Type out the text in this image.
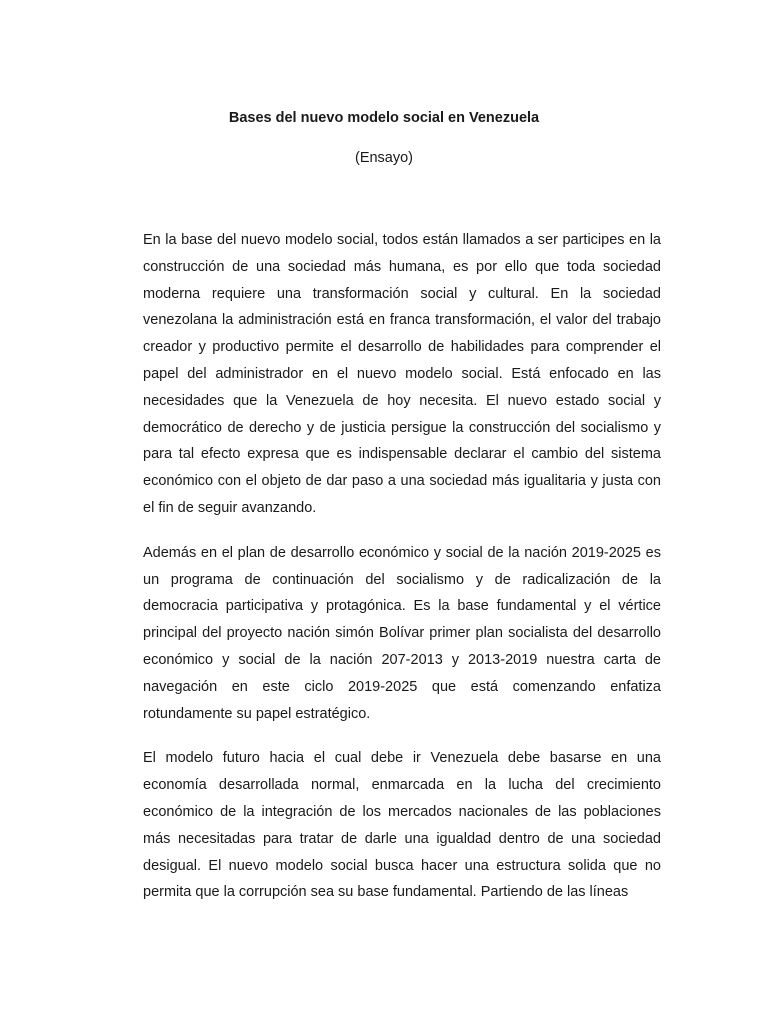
Bases del nuevo modelo social en Venezuela

(Ensayo)

En la base del nuevo modelo social, todos están llamados a ser participes en la construcción de una sociedad más humana, es por ello que toda sociedad moderna requiere una transformación social y cultural. En la sociedad venezolana la administración está en franca transformación, el valor del trabajo creador y productivo permite el desarrollo de habilidades para comprender el papel del administrador en el nuevo modelo social. Está enfocado en las necesidades que la Venezuela de hoy necesita. El nuevo estado social y democrático de derecho y de justicia persigue la construcción del socialismo y para tal efecto expresa que es indispensable declarar el cambio del sistema económico con el objeto de dar paso a una sociedad más igualitaria y justa con el fin de seguir avanzando.

Además en el plan de desarrollo económico y social de la nación 2019-2025 es un programa de continuación del socialismo y de radicalización de la democracia participativa y protagónica. Es la base fundamental y el vértice principal del proyecto nación simón Bolívar primer plan socialista del desarrollo económico y social de la nación 207-2013 y 2013-2019 nuestra carta de navegación en este ciclo 2019-2025 que está comenzando enfatiza rotundamente su papel estratégico.

El modelo futuro hacia el cual debe ir Venezuela debe basarse en una economía desarrollada normal, enmarcada en la lucha del crecimiento económico de la integración de los mercados nacionales de las poblaciones más necesitadas para tratar de darle una igualdad dentro de una sociedad desigual. El nuevo modelo social busca hacer una estructura solida que no permita que la corrupción sea su base fundamental. Partiendo de las líneas
